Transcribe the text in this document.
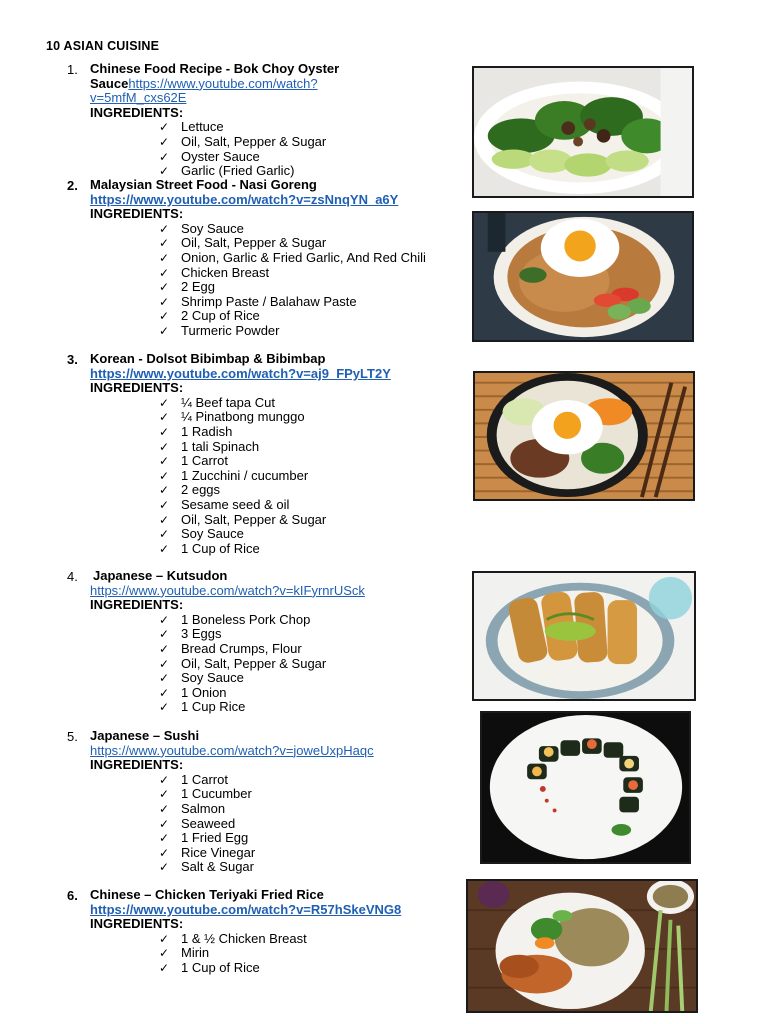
10 ASIAN CUISINE
1. Chinese Food Recipe - Bok Choy Oyster Saucehttps://www.youtube.com/watch?
v=5mfM_cxs62E
INGREDIENTS:
✓ Lettuce
✓ Oil, Salt, Pepper & Sugar
✓ Oyster Sauce
✓ Garlic (Fried Garlic)
2. Malaysian Street Food - Nasi Goreng
https://www.youtube.com/watch?v=zsNnqYN_a6Y
INGREDIENTS:
✓ Soy Sauce
✓ Oil, Salt, Pepper & Sugar
✓ Onion, Garlic & Fried Garlic, And Red Chili
✓ Chicken Breast
✓ 2 Egg
✓ Shrimp Paste / Balahaw Paste
✓ 2 Cup of Rice
✓ Turmeric Powder
3. Korean - Dolsot Bibimbap & Bibimbap
https://www.youtube.com/watch?v=aj9_FPyLT2Y
INGREDIENTS:
✓ ¼ Beef tapa Cut
✓ ¼ Pinatbong munggo
✓ 1 Radish
✓ 1 tali Spinach
✓ 1 Carrot
✓ 1 Zucchini / cucumber
✓ 2 eggs
✓ Sesame seed & oil
✓ Oil, Salt, Pepper & Sugar
✓ Soy Sauce
✓ 1 Cup of Rice
4.	Japanese – Kutsudon
https://www.youtube.com/watch?v=kIFyrnrUSck
INGREDIENTS:
✓ 1 Boneless Pork Chop
✓ 3 Eggs
✓ Bread Crumps, Flour
✓ Oil, Salt, Pepper & Sugar
✓ Soy Sauce
✓ 1 Onion
✓ 1 Cup Rice
5. Japanese – Sushi
https://www.youtube.com/watch?v=joweUxpHaqc
INGREDIENTS:
✓ 1 Carrot
✓ 1 Cucumber
✓ Salmon
✓ Seaweed
✓ 1 Fried Egg
✓ Rice Vinegar
✓ Salt & Sugar
6. Chinese – Chicken Teriyaki Fried Rice
https://www.youtube.com/watch?v=R57hSkeVNG8
INGREDIENTS:
✓ 1 & ½ Chicken Breast
✓ Mirin
✓ 1 Cup of Rice
